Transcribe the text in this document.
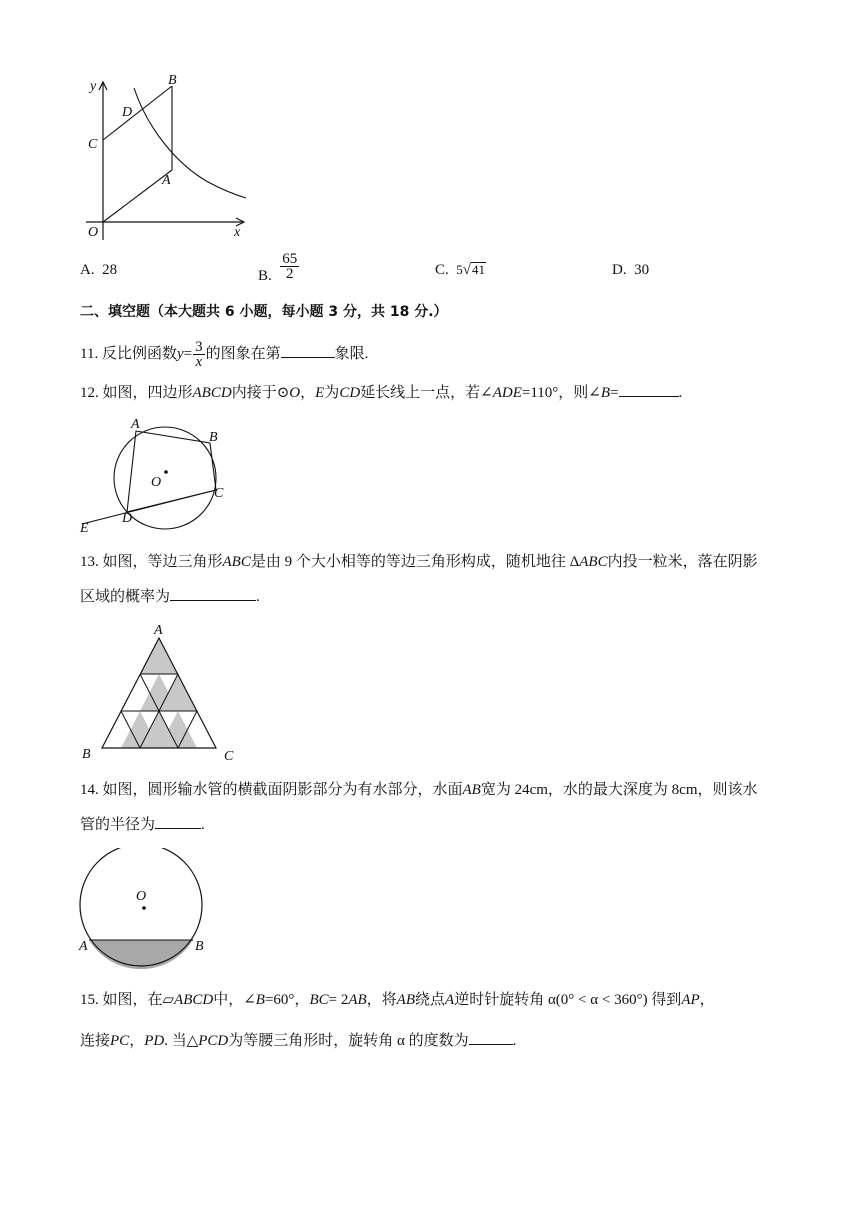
y
x
O
A
B
C
D
A. 28	B. $\frac{65}{2}$	C. 5√41	D. 30
二、填空题（本大题共 6 小题，每小题 3 分，共 18 分.）
11. 反比例函数$y= \frac{3}{x}$ 的图象在第	象限.
12. 如图，四边形ABCD内接于⊙O，E为CD延长线上一点，若∠ADE=110°，则∠B=	.
A
B
C
D
E
O
13. 如图，等边三角形ABC是由 9 个大小相等的等边三角形构成，随机地往 ΔABC内投一粒米，落在阴影
区域的概率为	.
A
B	C
14. 如图，圆形输水管的横截面阴影部分为有水部分，水面AB宽为 24cm，水的最大深度为 8cm，则该水
管的半径为	.
O
A	B
15. 如图，在▱ABCD中，∠B=60°，BC= 2AB，将AB绕点A逆时针旋转角 α(0° < α < 360°) 得到AP，
连接PC，PD. 当△PCD为等腰三角形时，旋转角 α 的度数为	.
